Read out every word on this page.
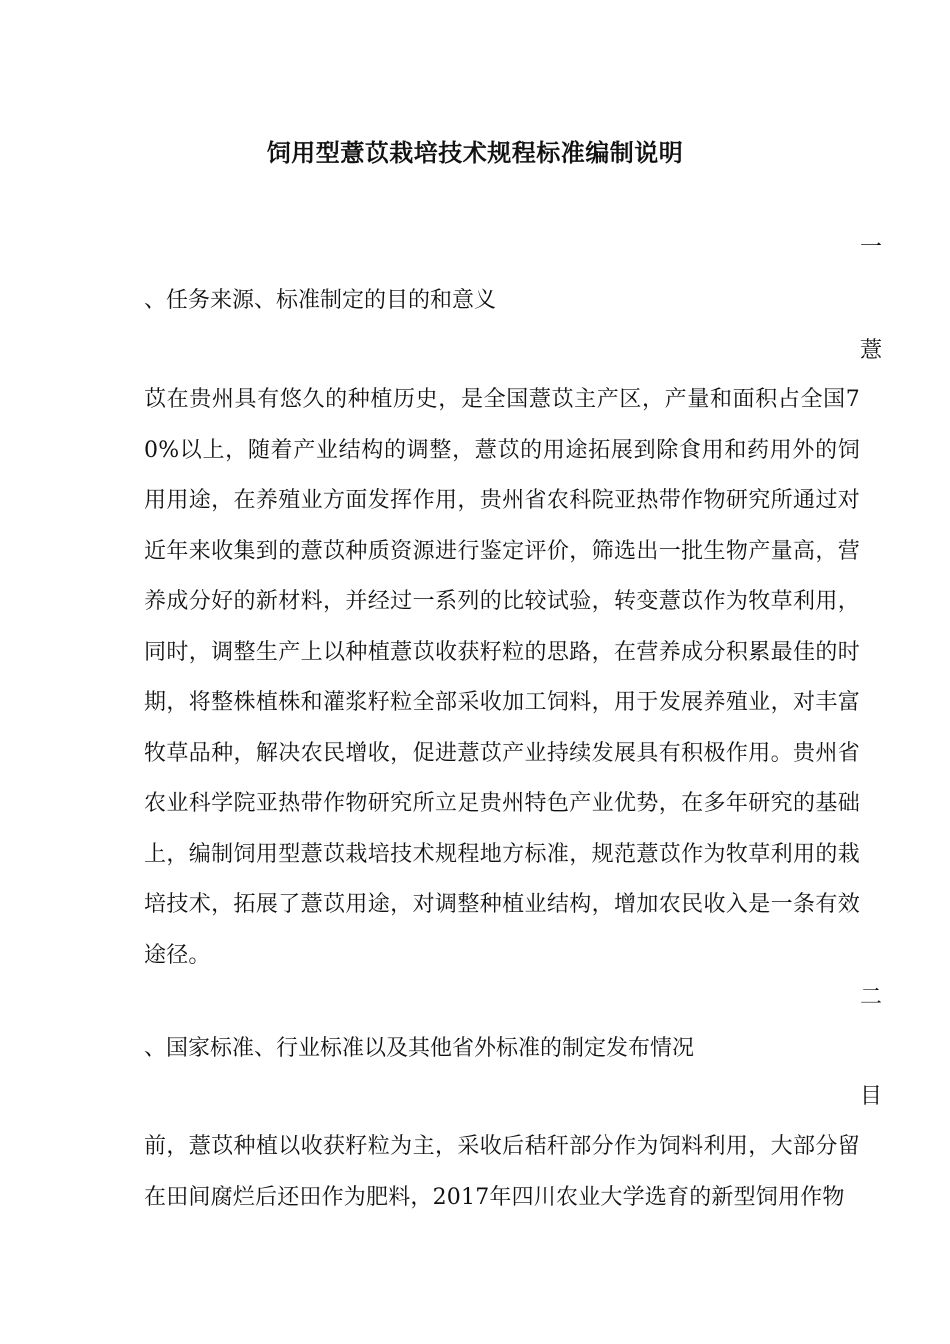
饲用型薏苡栽培技术规程标准编制说明
一
、任务来源、标准制定的目的和意义
薏
苡在贵州具有悠久的种植历史，是全国薏苡主产区，产量和面积占全国70%以上，随着产业结构的调整，薏苡的用途拓展到除食用和药用外的饲用用途，在养殖业方面发挥作用，贵州省农科院亚热带作物研究所通过对近年来收集到的薏苡种质资源进行鉴定评价，筛选出一批生物产量高，营养成分好的新材料，并经过一系列的比较试验，转变薏苡作为牧草利用，同时，调整生产上以种植薏苡收获籽粒的思路，在营养成分积累最佳的时期，将整株植株和灌浆籽粒全部采收加工饲料，用于发展养殖业，对丰富牧草品种，解决农民增收，促进薏苡产业持续发展具有积极作用。贵州省农业科学院亚热带作物研究所立足贵州特色产业优势，在多年研究的基础上，编制饲用型薏苡栽培技术规程地方标准，规范薏苡作为牧草利用的栽培技术，拓展了薏苡用途，对调整种植业结构，增加农民收入是一条有效途径。
二
、国家标准、行业标准以及其他省外标准的制定发布情况
目
前，薏苡种植以收获籽粒为主，采收后秸秆部分作为饲料利用，大部分留在田间腐烂后还田作为肥料，2017年四川农业大学选育的新型饲用作物
